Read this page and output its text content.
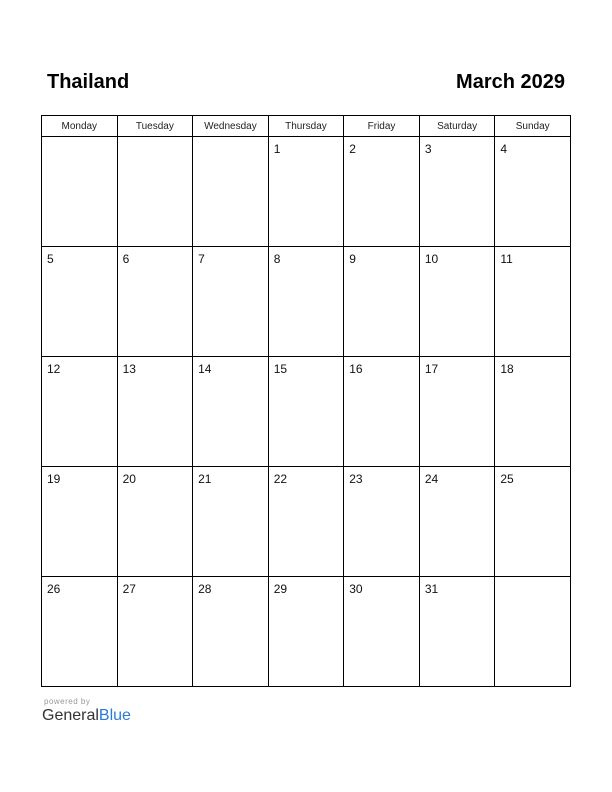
Thailand	March 2029
Monday	Tuesday	Wednesday	Thursday	Friday	Saturday	Sunday

			1	2	3	4

5	6	7	8	9	10	11

12	13	14	15	16	17	18

19	20	21	22	23	24	25

26	27	28	29	30	31	

powered by
GeneralBlue
